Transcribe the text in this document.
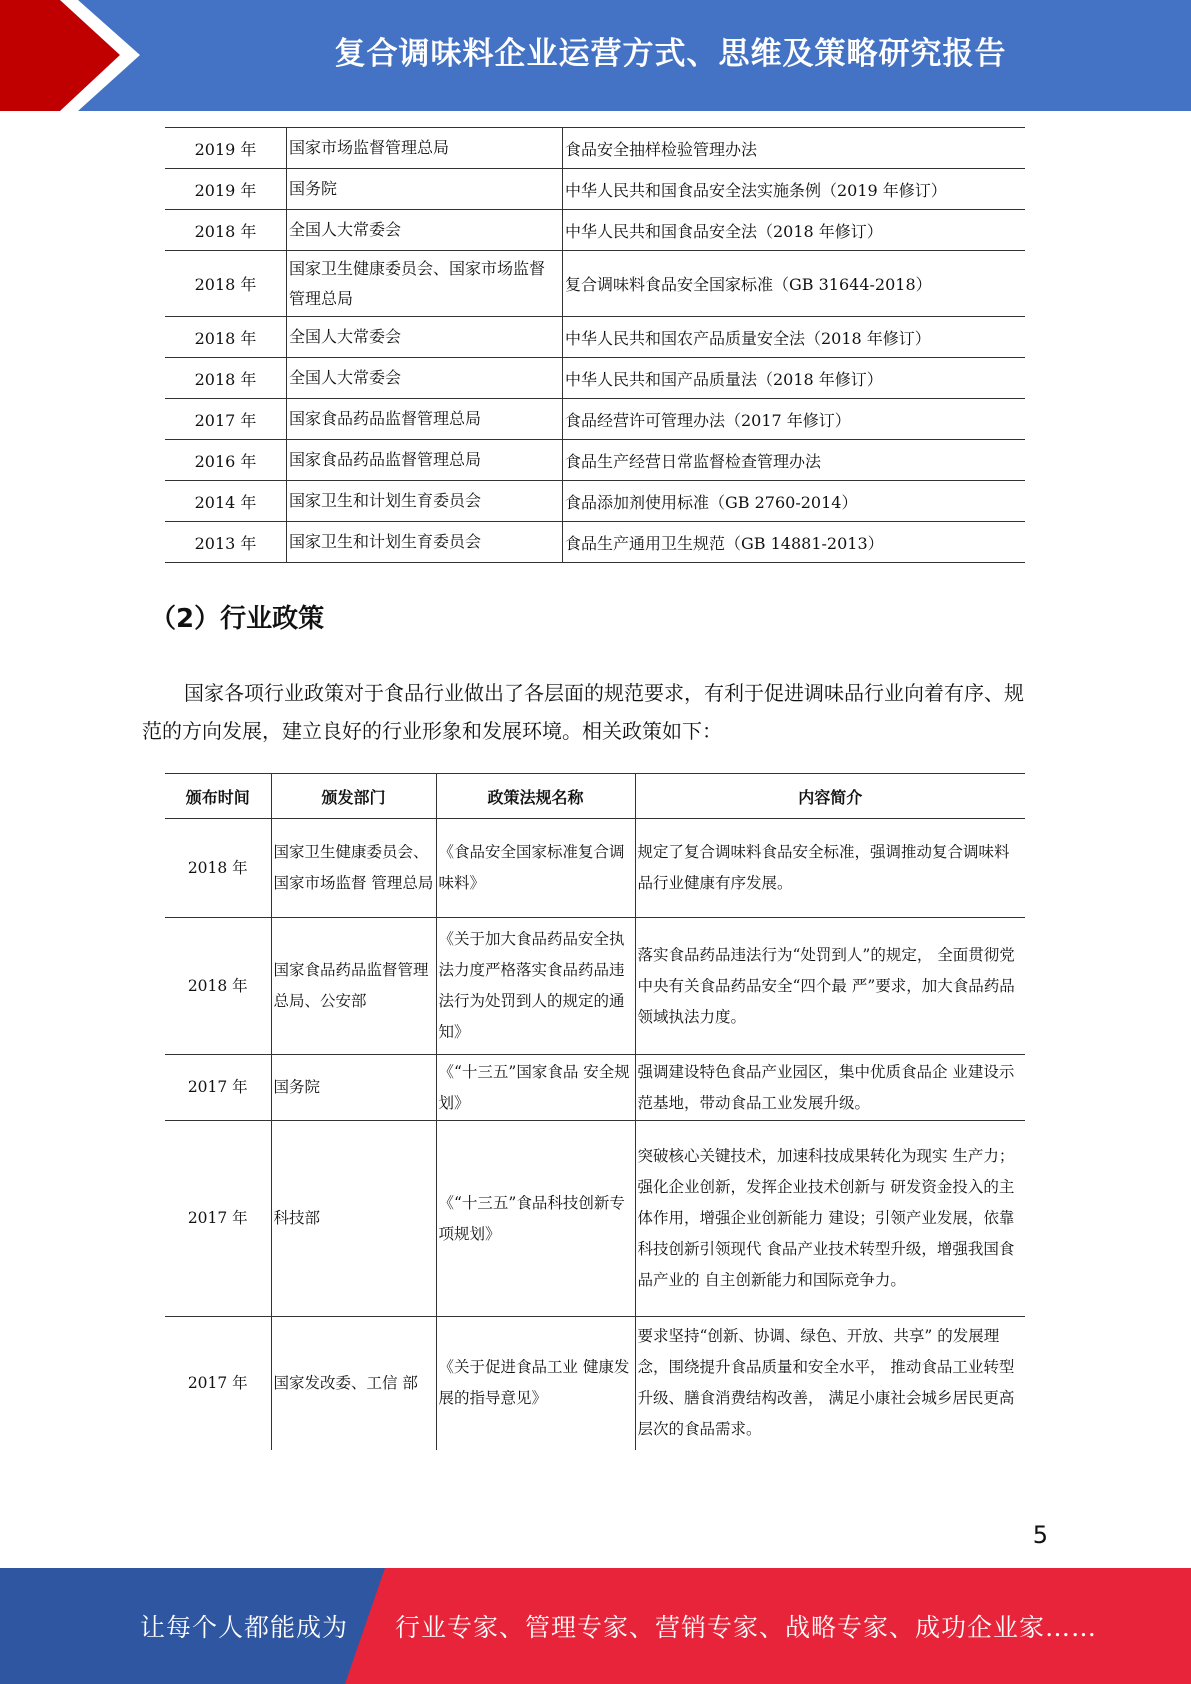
复合调味料企业运营方式、思维及策略研究报告
2019 年	国家市场监督管理总局	食品安全抽样检验管理办法
2019 年	国务院	中华人民共和国食品安全法实施条例（2019 年修订）
2018 年	全国人大常委会	中华人民共和国食品安全法（2018 年修订）
2018 年	国家卫生健康委员会、国家市场监督管理总局	复合调味料食品安全国家标准（GB 31644-2018）
2018 年	全国人大常委会	中华人民共和国农产品质量安全法（2018 年修订）
2018 年	全国人大常委会	中华人民共和国产品质量法（2018 年修订）
2017 年	国家食品药品监督管理总局	食品经营许可管理办法（2017 年修订）
2016 年	国家食品药品监督管理总局	食品生产经营日常监督检查管理办法
2014 年	国家卫生和计划生育委员会	食品添加剂使用标准（GB 2760-2014）
2013 年	国家卫生和计划生育委员会	食品生产通用卫生规范（GB 14881-2013）
（2）行业政策

国家各项行业政策对于食品行业做出了各层面的规范要求，有利于促进调味品行业向着有序、规范的方向发展，建立良好的行业形象和发展环境。相关政策如下：

颁布时间	颁发部门	政策法规名称	内容简介
2018 年	国家卫生健康委员会、国家市场监督 管理总局	《食品安全国家标准复合调味料》	规定了复合调味料食品安全标准，强调推动复合调味料品行业健康有序发展。
2018 年	国家食品药品监督管理总局、公安部	《关于加大食品药品安全执法力度严格落实食品药品违法行为处罚到人的规定的通知》	落实食品药品违法行为“处罚到人”的规定， 全面贯彻党中央有关食品药品安全“四个最 严”要求，加大食品药品领域执法力度。
2017 年	国务院	《“十三五”国家食品 安全规划》	强调建设特色食品产业园区，集中优质食品企 业建设示范基地，带动食品工业发展升级。
2017 年	科技部	《“十三五”食品科技创新专项规划》	突破核心关键技术，加速科技成果转化为现实 生产力；强化企业创新，发挥企业技术创新与 研发资金投入的主体作用，增强企业创新能力 建设；引领产业发展，依靠科技创新引领现代 食品产业技术转型升级，增强我国食品产业的 自主创新能力和国际竞争力。
2017 年	国家发改委、工信 部	《关于促进食品工业 健康发展的指导意见》	要求坚持“创新、协调、绿色、开放、共享” 的发展理念，围绕提升食品质量和安全水平， 推动食品工业转型升级、膳食消费结构改善， 满足小康社会城乡居民更高层次的食品需求。
5
让每个人都能成为 行业专家、管理专家、营销专家、战略专家、成功企业家……
